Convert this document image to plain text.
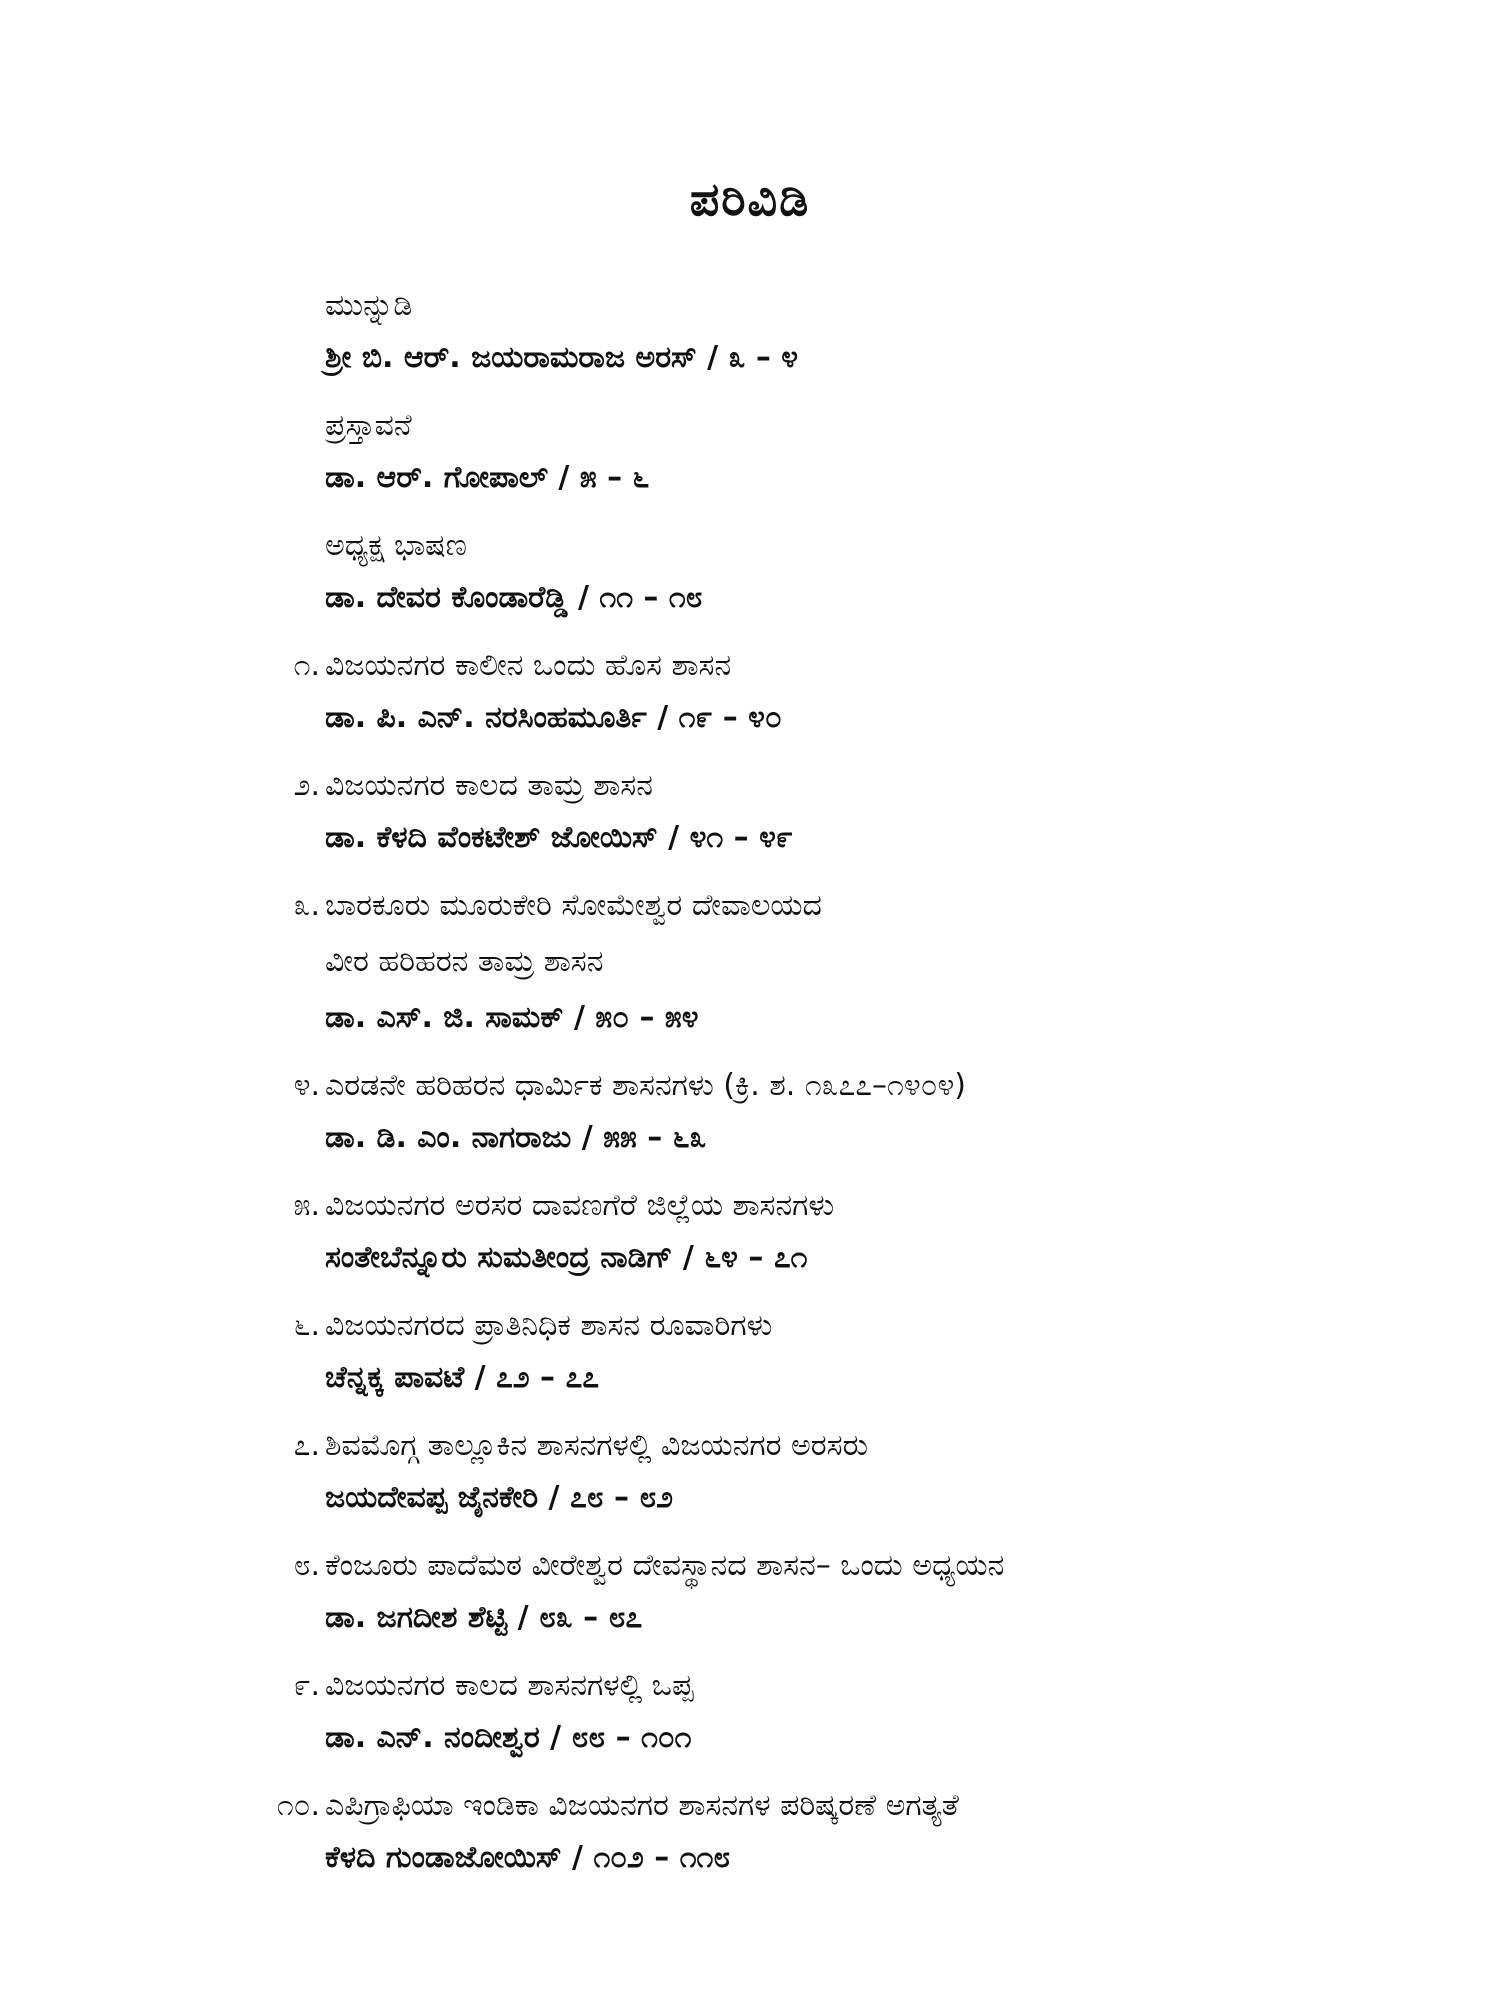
ಪರಿವಿಡಿ
ಮುನ್ನುಡಿ
ಶ್ರೀ ಬಿ. ಆರ್. ಜಯರಾಮರಾಜ ಅರಸ್ / ೩ – ೪
ಪ್ರಸ್ತಾವನೆ
ಡಾ. ಆರ್. ಗೋಪಾಲ್ / ೫ – ೬
ಅಧ್ಯಕ್ಷ ಭಾಷಣ
ಡಾ. ದೇವರ ಕೊಂಡಾರೆಡ್ಡಿ / ೧೧ – ೧೮
೧. ವಿಜಯನಗರ ಕಾಲೀನ ಒಂದು ಹೊಸ ಶಾಸನ
ಡಾ. ಪಿ. ಎನ್. ನರಸಿಂಹಮೂರ್ತಿ / ೧೯ – ೪೦
೨. ವಿಜಯನಗರ ಕಾಲದ ತಾಮ್ರ ಶಾಸನ
ಡಾ. ಕೆಳದಿ ವೆಂಕಟೇಶ್ ಜೋಯಿಸ್ / ೪೧ – ೪೯
೩. ಬಾರಕೂರು ಮೂರುಕೇರಿ ಸೋಮೇಶ್ವರ ದೇವಾಲಯದ
ವೀರ ಹರಿಹರನ ತಾಮ್ರ ಶಾಸನ
ಡಾ. ಎಸ್. ಜಿ. ಸಾಮಕ್ / ೫೦ – ೫೪
೪. ಎರಡನೇ ಹರಿಹರನ ಧಾರ್ಮಿಕ ಶಾಸನಗಳು (ಕ್ರಿ. ಶ. ೧೩೭೭–೧೪೦೪)
ಡಾ. ಡಿ. ಎಂ. ನಾಗರಾಜು / ೫೫ – ೬೩
೫. ವಿಜಯನಗರ ಅರಸರ ದಾವಣಗೆರೆ ಜಿಲ್ಲೆಯ ಶಾಸನಗಳು
ಸಂತೇಬೆನ್ನೂರು ಸುಮತೀಂದ್ರ ನಾಡಿಗ್ / ೬೪ – ೭೧
೬. ವಿಜಯನಗರದ ಪ್ರಾತಿನಿಧಿಕ ಶಾಸನ ರೂವಾರಿಗಳು
ಚೆನ್ನಕ್ಕ ಪಾವಟೆ / ೭೨ – ೭೭
೭. ಶಿವಮೊಗ್ಗ ತಾಲ್ಲೂಕಿನ ಶಾಸನಗಳಲ್ಲಿ ವಿಜಯನಗರ ಅರಸರು
ಜಯದೇವಪ್ಪ ಜೈನಕೇರಿ / ೭೮ – ೮೨
೮. ಕೆಂಜೂರು ಪಾದೆಮಠ ವೀರೇಶ್ವರ ದೇವಸ್ಥಾನದ ಶಾಸನ– ಒಂದು ಅಧ್ಯಯನ
ಡಾ. ಜಗದೀಶ ಶೆಟ್ಟಿ / ೮೩ – ೮೭
೯. ವಿಜಯನಗರ ಕಾಲದ ಶಾಸನಗಳಲ್ಲಿ ಒಪ್ಪ
ಡಾ. ಎನ್. ನಂದೀಶ್ವರ / ೮೮ – ೧೦೧
೧೦. ಎಪಿಗ್ರಾಫಿಯಾ ಇಂಡಿಕಾ ವಿಜಯನಗರ ಶಾಸನಗಳ ಪರಿಷ್ಕರಣೆ ಅಗತ್ಯತೆ
ಕೆಳದಿ ಗುಂಡಾಜೋಯಿಸ್ / ೧೦೨ – ೧೧೮
